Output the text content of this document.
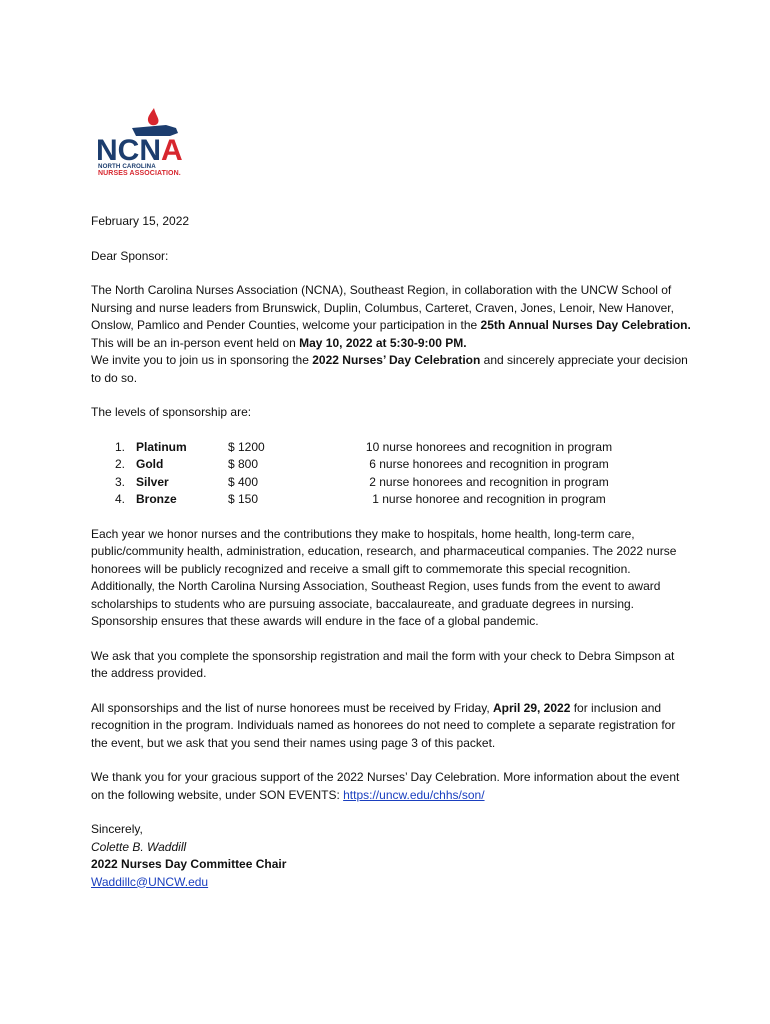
NCNA
NORTH CAROLINA
NURSES ASSOCIATION.

February 15, 2022

Dear Sponsor:

The North Carolina Nurses Association (NCNA), Southeast Region, in collaboration with the UNCW School of Nursing and nurse leaders from Brunswick, Duplin, Columbus, Carteret, Craven, Jones, Lenoir, New Hanover, Onslow, Pamlico and Pender Counties, welcome your participation in the 25th Annual Nurses Day Celebration. This will be an in-person event held on May 10, 2022 at 5:30-9:00 PM.
We invite you to join us in sponsoring the 2022 Nurses’ Day Celebration and sincerely appreciate your decision to do so.

The levels of sponsorship are:

1. Platinum	$ 1200	10 nurse honorees and recognition in program
2. Gold	$ 800	6 nurse honorees and recognition in program
3. Silver	$ 400	2 nurse honorees and recognition in program
4. Bronze	$ 150	1 nurse honoree and recognition in program

Each year we honor nurses and the contributions they make to hospitals, home health, long-term care, public/community health, administration, education, research, and pharmaceutical companies. The 2022 nurse honorees will be publicly recognized and receive a small gift to commemorate this special recognition. Additionally, the North Carolina Nursing Association, Southeast Region, uses funds from the event to award scholarships to students who are pursuing associate, baccalaureate, and graduate degrees in nursing. Sponsorship ensures that these awards will endure in the face of a global pandemic.

We ask that you complete the sponsorship registration and mail the form with your check to Debra Simpson at the address provided.

All sponsorships and the list of nurse honorees must be received by Friday, April 29, 2022 for inclusion and recognition in the program. Individuals named as honorees do not need to complete a separate registration for the event, but we ask that you send their names using page 3 of this packet.

We thank you for your gracious support of the 2022 Nurses’ Day Celebration. More information about the event on the following website, under SON EVENTS: https://uncw.edu/chhs/son/

Sincerely,

Colette B. Waddill

2022 Nurses Day Committee Chair

Waddillc@UNCW.edu
